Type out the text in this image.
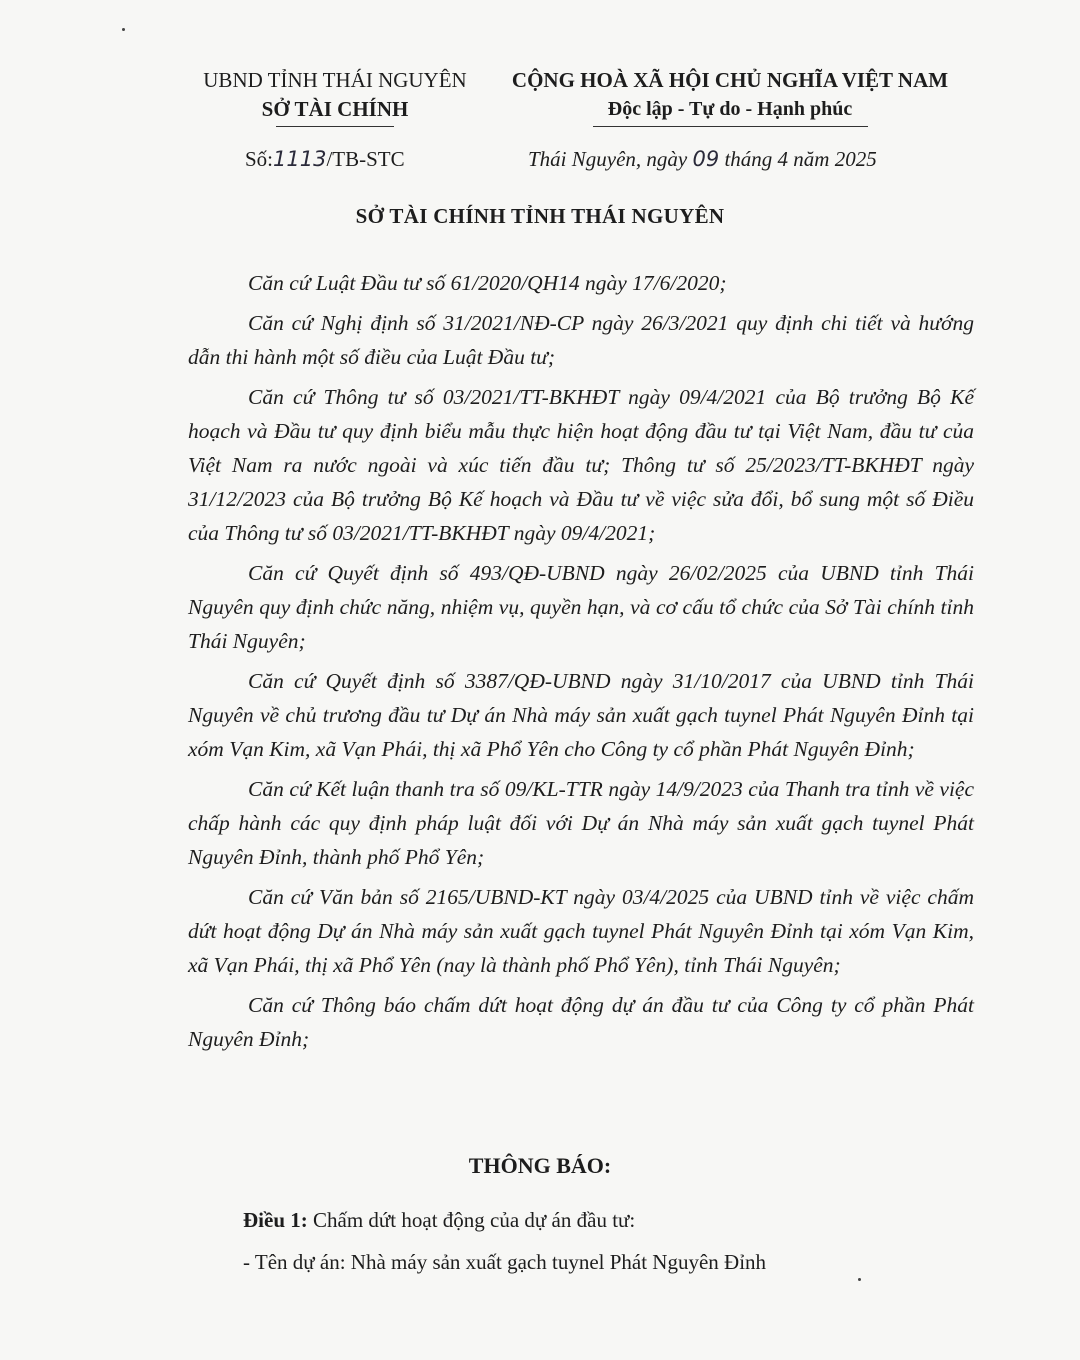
UBND TỈNH THÁI NGUYÊN
SỞ TÀI CHÍNH
CỘNG HOÀ XÃ HỘI CHỦ NGHĨA VIỆT NAM
Độc lập - Tự do - Hạnh phúc
Số:1113/TB-STC	Thái Nguyên, ngày 09 tháng 4 năm 2025
SỞ TÀI CHÍNH TỈNH THÁI NGUYÊN

Căn cứ Luật Đầu tư số 61/2020/QH14 ngày 17/6/2020;

Căn cứ Nghị định số 31/2021/NĐ-CP ngày 26/3/2021 quy định chi tiết và hướng dẫn thi hành một số điều của Luật Đầu tư;

Căn cứ Thông tư số 03/2021/TT-BKHĐT ngày 09/4/2021 của Bộ trưởng Bộ Kế hoạch và Đầu tư quy định biểu mẫu thực hiện hoạt động đầu tư tại Việt Nam, đầu tư của Việt Nam ra nước ngoài và xúc tiến đầu tư; Thông tư số 25/2023/TT-BKHĐT ngày 31/12/2023 của Bộ trưởng Bộ Kế hoạch và Đầu tư về việc sửa đổi, bổ sung một số Điều của Thông tư số 03/2021/TT-BKHĐT ngày 09/4/2021;

Căn cứ Quyết định số 493/QĐ-UBND ngày 26/02/2025 của UBND tỉnh Thái Nguyên quy định chức năng, nhiệm vụ, quyền hạn, và cơ cấu tổ chức của Sở Tài chính tỉnh Thái Nguyên;

Căn cứ Quyết định số 3387/QĐ-UBND ngày 31/10/2017 của UBND tỉnh Thái Nguyên về chủ trương đầu tư Dự án Nhà máy sản xuất gạch tuynel Phát Nguyên Đỉnh tại xóm Vạn Kim, xã Vạn Phái, thị xã Phổ Yên cho Công ty cổ phần Phát Nguyên Đỉnh;

Căn cứ Kết luận thanh tra số 09/KL-TTR ngày 14/9/2023 của Thanh tra tỉnh về việc chấp hành các quy định pháp luật đối với Dự án Nhà máy sản xuất gạch tuynel Phát Nguyên Đỉnh, thành phố Phổ Yên;

Căn cứ Văn bản số 2165/UBND-KT ngày 03/4/2025 của UBND tỉnh về việc chấm dứt hoạt động Dự án Nhà máy sản xuất gạch tuynel Phát Nguyên Đỉnh tại xóm Vạn Kim, xã Vạn Phái, thị xã Phổ Yên (nay là thành phố Phổ Yên), tỉnh Thái Nguyên;

Căn cứ Thông báo chấm dứt hoạt động dự án đầu tư của Công ty cổ phần Phát Nguyên Đỉnh;

THÔNG BÁO:
Điều 1: Chấm dứt hoạt động của dự án đầu tư:
- Tên dự án: Nhà máy sản xuất gạch tuynel Phát Nguyên Đỉnh
